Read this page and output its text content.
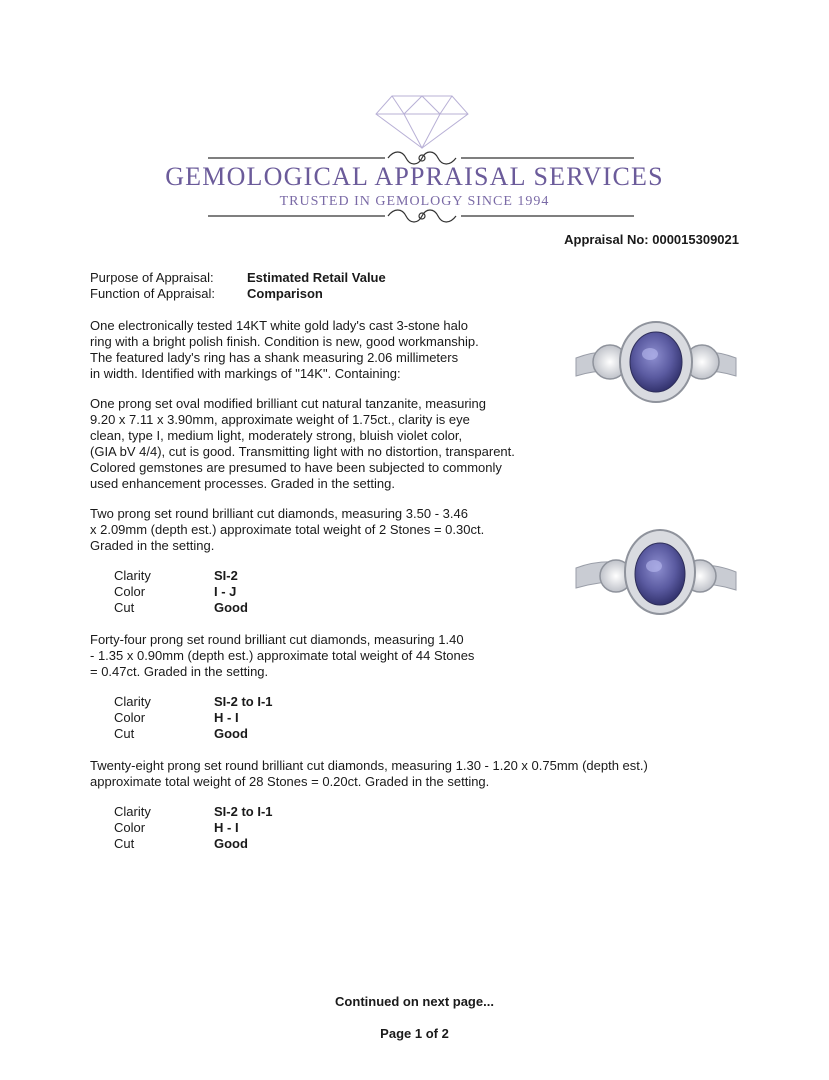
GEMOLOGICAL APPRAISAL SERVICES
TRUSTED IN GEMOLOGY SINCE 1994
Appraisal No: 000015309021
Purpose of Appraisal:	Estimated Retail Value
Function of Appraisal:	Comparison
One electronically tested 14KT white gold lady's cast 3-stone halo
ring with a bright polish finish. Condition is new, good workmanship.
The featured lady's ring has a shank measuring 2.06 millimeters
in width. Identified with markings of "14K". Containing:
One prong set oval modified brilliant cut natural tanzanite, measuring
9.20 x 7.11 x 3.90mm, approximate weight of 1.75ct., clarity is eye
clean, type I, medium light, moderately strong, bluish violet color,
(GIA bV 4/4), cut is good. Transmitting light with no distortion, transparent.
Colored gemstones are presumed to have been subjected to commonly
used enhancement processes. Graded in the setting.
Two prong set round brilliant cut diamonds, measuring 3.50 - 3.46
x 2.09mm (depth est.) approximate total weight of 2 Stones = 0.30ct.
Graded in the setting.
Clarity	SI-2
Color	I - J
Cut	Good
Forty-four prong set round brilliant cut diamonds, measuring 1.40
- 1.35 x 0.90mm (depth est.) approximate total weight of 44 Stones
= 0.47ct. Graded in the setting.
Clarity	SI-2 to I-1
Color	H - I
Cut	Good
Twenty-eight prong set round brilliant cut diamonds, measuring 1.30 - 1.20 x 0.75mm (depth est.)
approximate total weight of 28 Stones = 0.20ct. Graded in the setting.
Clarity	SI-2 to I-1
Color	H - I
Cut	Good
Continued on next page...
Page 1 of 2
